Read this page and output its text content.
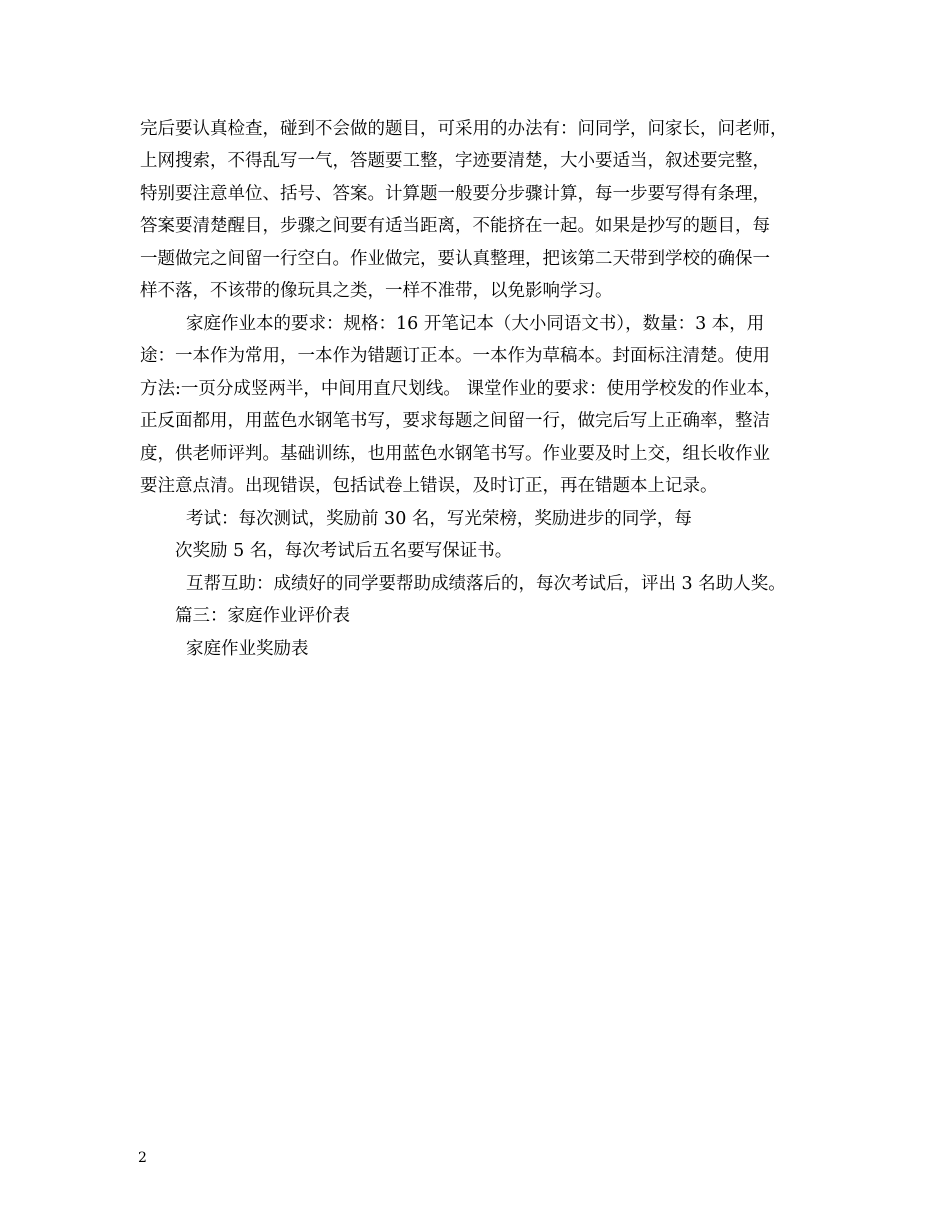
完后要认真检查，碰到不会做的题目，可采用的办法有：问同学，问家长，问老师，
上网搜索，不得乱写一气，答题要工整，字迹要清楚，大小要适当，叙述要完整，
特别要注意单位、括号、答案。计算题一般要分步骤计算，每一步要写得有条理，
答案要清楚醒目，步骤之间要有适当距离，不能挤在一起。如果是抄写的题目，每
一题做完之间留一行空白。作业做完，要认真整理，把该第二天带到学校的确保一
样不落，不该带的像玩具之类，一样不准带，以免影响学习。
家庭作业本的要求：规格：16 开笔记本（大小同语文书），数量：3 本，用
途：一本作为常用，一本作为错题订正本。一本作为草稿本。封面标注清楚。使用
方法:一页分成竖两半，中间用直尺划线。 课堂作业的要求：使用学校发的作业本，
正反面都用，用蓝色水钢笔书写，要求每题之间留一行，做完后写上正确率，整洁
度，供老师评判。基础训练，也用蓝色水钢笔书写。作业要及时上交，组长收作业
要注意点清。出现错误，包括试卷上错误，及时订正，再在错题本上记录。
考试：每次测试，奖励前 30 名，写光荣榜，奖励进步的同学，每
次奖励 5 名，每次考试后五名要写保证书。
互帮互助：成绩好的同学要帮助成绩落后的，每次考试后，评出 3 名助人奖。
篇三：家庭作业评价表
家庭作业奖励表
2
